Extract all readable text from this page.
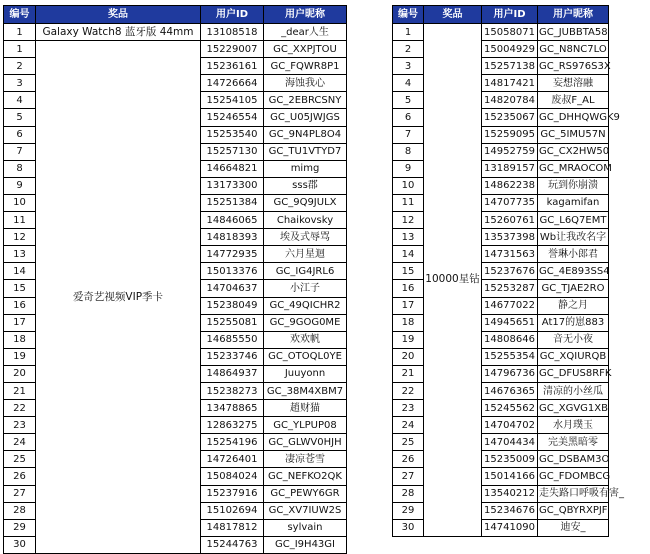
编号	奖品	用户ID	用户昵称
1	Galaxy Watch8 蓝牙版 44mm	13108518	_dear人生
1	爱奇艺视频VIP季卡	15229007	GC_XXPJTOU
2		15236161	GC_FQWR8P1
3		14726664	海蚀我心
4		15254105	GC_2EBRCSNY
5		15246554	GC_U05JWJGS
6		15253540	GC_9N4PL8O4
7		15257130	GC_TU1VTYD7
8		14664821	mimg
9		13173300	sss郡
10		15251384	GC_9Q9JULX
11		14846065	Chaikovsky
12		14818393	埃及式辱骂
13		14772935	六月星迴
14		15013376	GC_IG4JRL6
15		14704637	小江子
16		15238049	GC_49QICHR2
17		15255081	GC_9GOG0ME
18		14685550	欢欢帆
19		15233746	GC_OTOQL0YE
20		14864937	Juuyonn
21		15238273	GC_38M4XBM7
22		13478865	趙财猫
23		12863275	GC_YLPUP08
24		15254196	GC_GLWV0HJH
25		14726401	凄凉苍雪
26		15084024	GC_NEFKO2QK
27		15237916	GC_PEWY6GR
28		15102694	GC_XV7IUW2S
29		14817812	sylvain
30		15244763	GC_I9H43GI
编号	奖品	用户ID	用户昵称
1	10000星钻	15058071	GC_JUBBTA58
2		15004929	GC_N8NC7LO
3		15257138	GC_RS976S3X
4		14817421	妄想溶融
5		14820784	废叔F_AL
6		15235067	GC_DHHQWGK9
7		15259095	GC_5IMU57N
8		14952759	GC_CX2HW50
9		13189157	GC_MRAOCOM
10		14862238	玩到你崩溃
11		14707735	kagamifan
12		15260761	GC_L6Q7EMT
13		13537398	Wb让我改名字
14		14731563	誉琳小郎君
15		15237676	GC_4E893SS4
16		15253287	GC_TJAE2RO
17		14677022	静之月
18		14945651	At17的崽883
19		14808646	音无小夜
20		15255354	GC_XQIURQB
21		14796736	GC_DFUS8RFK
22		14676365	清凉的小丝瓜
23		15245562	GC_XGVG1XB
24		14704702	水月璞玉
25		14704434	完美黑暗零
26		15235009	GC_DSBAM3O
27		15014166	GC_FDOMBCG
28		13540212	走失路口呼吸有害_
29		15234676	GC_QBYRXPJF
30		14741090	迪安_
